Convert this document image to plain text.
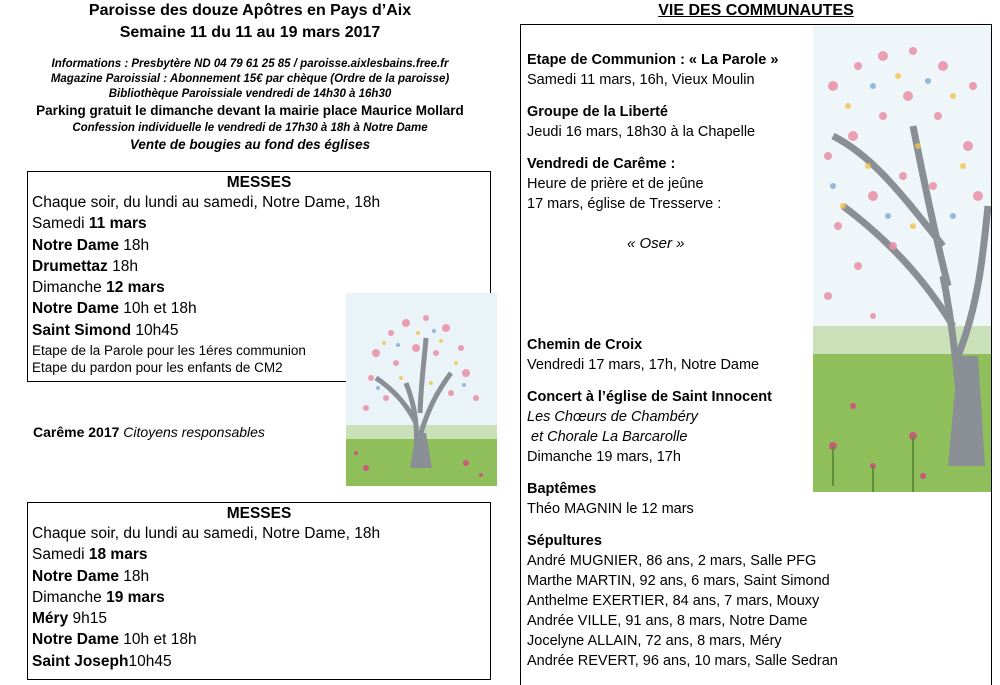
Paroisse des douze Apôtres en Pays d’Aix
Semaine 11 du 11 au 19 mars 2017
Informations : Presbytère ND 04 79 61 25 85 / paroisse.aixlesbains.free.fr
Magazine Paroissial : Abonnement 15€ par chèque (Ordre de la paroisse)
Bibliothèque Paroissiale vendredi de 14h30 à 16h30
Parking gratuit le dimanche devant la mairie place Maurice Mollard
Confession individuelle le vendredi de 17h30 à 18h à Notre Dame
Vente de bougies au fond des églises
MESSES
Chaque soir, du lundi au samedi, Notre Dame, 18h
Samedi 11 mars
Notre Dame 18h
Drumettaz 18h
Dimanche 12 mars
Notre Dame 10h et 18h
Saint Simond 10h45
Etape de la Parole pour les 1éres communion
Etape du pardon pour les enfants de CM2
Carême 2017 Citoyens responsables
MESSES
Chaque soir, du lundi au samedi, Notre Dame, 18h
Samedi 18 mars
Notre Dame 18h
Dimanche 19 mars
Méry 9h15
Notre Dame 10h et 18h
Saint Joseph10h45
VIE DES COMMUNAUTES
Etape de Communion : « La Parole »
Samedi 11 mars, 16h, Vieux Moulin
Groupe de la Liberté
Jeudi 16 mars, 18h30 à la Chapelle
Vendredi de Carême :
Heure de prière et de jeûne
17 mars, église de Tresserve :
« Oser »
Chemin de Croix
Vendredi 17 mars, 17h, Notre Dame
Concert à l’église de Saint Innocent
Les Chœurs de Chambéry
et Chorale La Barcarolle
Dimanche 19 mars, 17h
Baptêmes
Théo MAGNIN le 12 mars
Sépultures
André MUGNIER, 86 ans, 2 mars, Salle PFG
Marthe MARTIN, 92 ans, 6 mars, Saint Simond
Anthelme EXERTIER, 84 ans, 7 mars, Mouxy
Andrée VILLE, 91 ans, 8 mars, Notre Dame
Jocelyne ALLAIN, 72 ans, 8 mars, Méry
Andrée REVERT, 96 ans, 10 mars, Salle Sedran
